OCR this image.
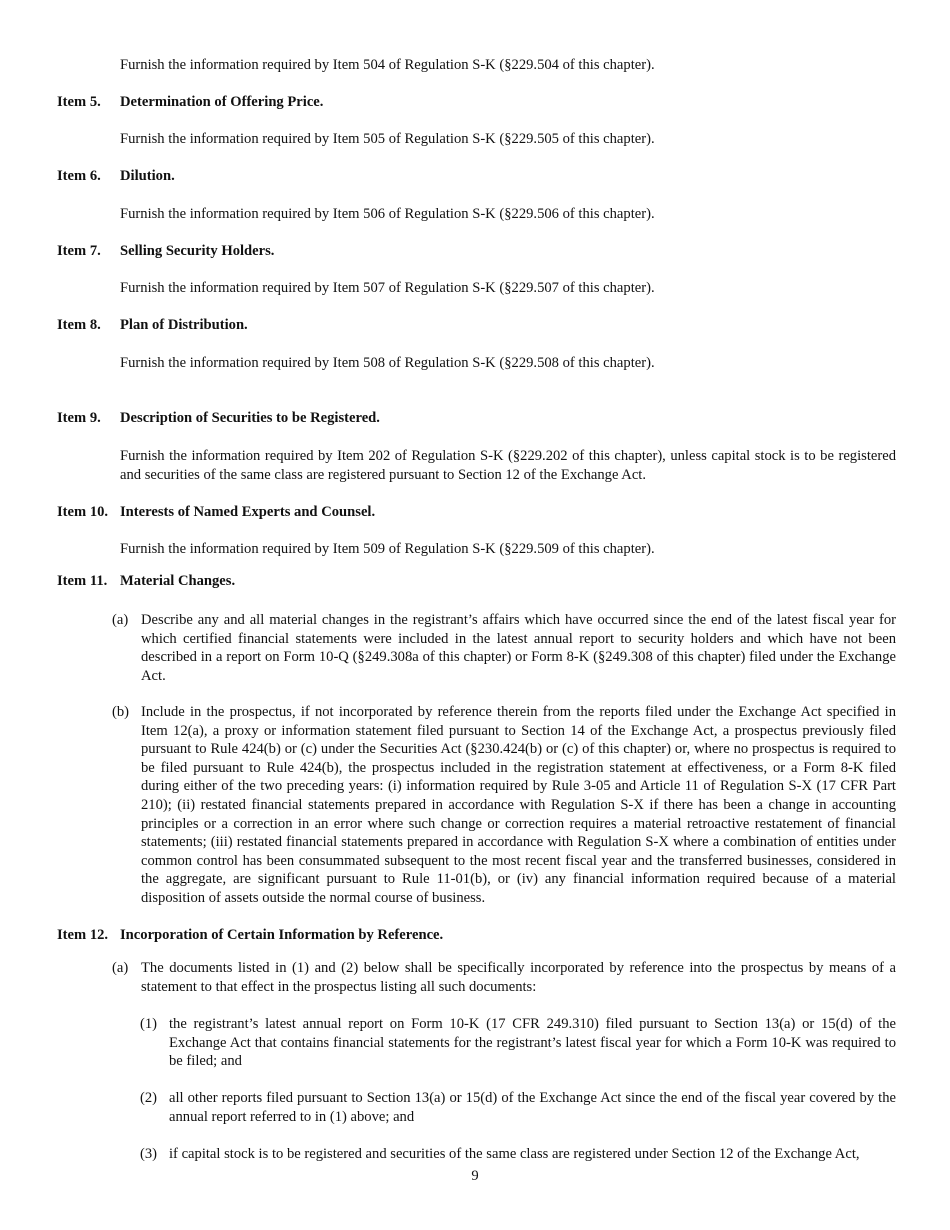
Furnish the information required by Item 504 of Regulation S-K (§229.504 of this chapter).

Item 5. Determination of Offering Price.

Furnish the information required by Item 505 of Regulation S-K (§229.505 of this chapter).

Item 6. Dilution.

Furnish the information required by Item 506 of Regulation S-K (§229.506 of this chapter).

Item 7. Selling Security Holders.

Furnish the information required by Item 507 of Regulation S-K (§229.507 of this chapter).

Item 8. Plan of Distribution.

Furnish the information required by Item 508 of Regulation S-K (§229.508 of this chapter).

Item 9. Description of Securities to be Registered.

Furnish the information required by Item 202 of Regulation S-K (§229.202 of this chapter), unless capital stock is to be registered and securities of the same class are registered pursuant to Section 12 of the Exchange Act.

Item 10. Interests of Named Experts and Counsel.

Furnish the information required by Item 509 of Regulation S-K (§229.509 of this chapter).

Item 11. Material Changes.
(a) Describe any and all material changes in the registrant’s affairs which have occurred since the end of the latest fiscal year for which certified financial statements were included in the latest annual report to security holders and which have not been described in a report on Form 10-Q (§249.308a of this chapter) or Form 8-K (§249.308 of this chapter) filed under the Exchange Act.
(b) Include in the prospectus, if not incorporated by reference therein from the reports filed under the Exchange Act specified in Item 12(a), a proxy or information statement filed pursuant to Section 14 of the Exchange Act, a prospectus previously filed pursuant to Rule 424(b) or (c) under the Securities Act (§230.424(b) or (c) of this chapter) or, where no prospectus is required to be filed pursuant to Rule 424(b), the prospectus included in the registration statement at effectiveness, or a Form 8-K filed during either of the two preceding years: (i) information required by Rule 3-05 and Article 11 of Regulation S-X (17 CFR Part 210); (ii) restated financial statements prepared in accordance with Regulation S-X if there has been a change in accounting principles or a correction in an error where such change or correction requires a material retroactive restatement of financial statements; (iii) restated financial statements prepared in accordance with Regulation S-X where a combination of entities under common control has been consummated subsequent to the most recent fiscal year and the transferred businesses, considered in the aggregate, are significant pursuant to Rule 11-01(b), or (iv) any financial information required because of a material disposition of assets outside the normal course of business.
Item 12. Incorporation of Certain Information by Reference.
(a) The documents listed in (1) and (2) below shall be specifically incorporated by reference into the prospectus by means of a statement to that effect in the prospectus listing all such documents:
(1) the registrant’s latest annual report on Form 10-K (17 CFR 249.310) filed pursuant to Section 13(a) or 15(d) of the Exchange Act that contains financial statements for the registrant’s latest fiscal year for which a Form 10-K was required to be filed; and
(2) all other reports filed pursuant to Section 13(a) or 15(d) of the Exchange Act since the end of the fiscal year covered by the annual report referred to in (1) above; and
(3) if capital stock is to be registered and securities of the same class are registered under Section 12 of the Exchange Act,
9
